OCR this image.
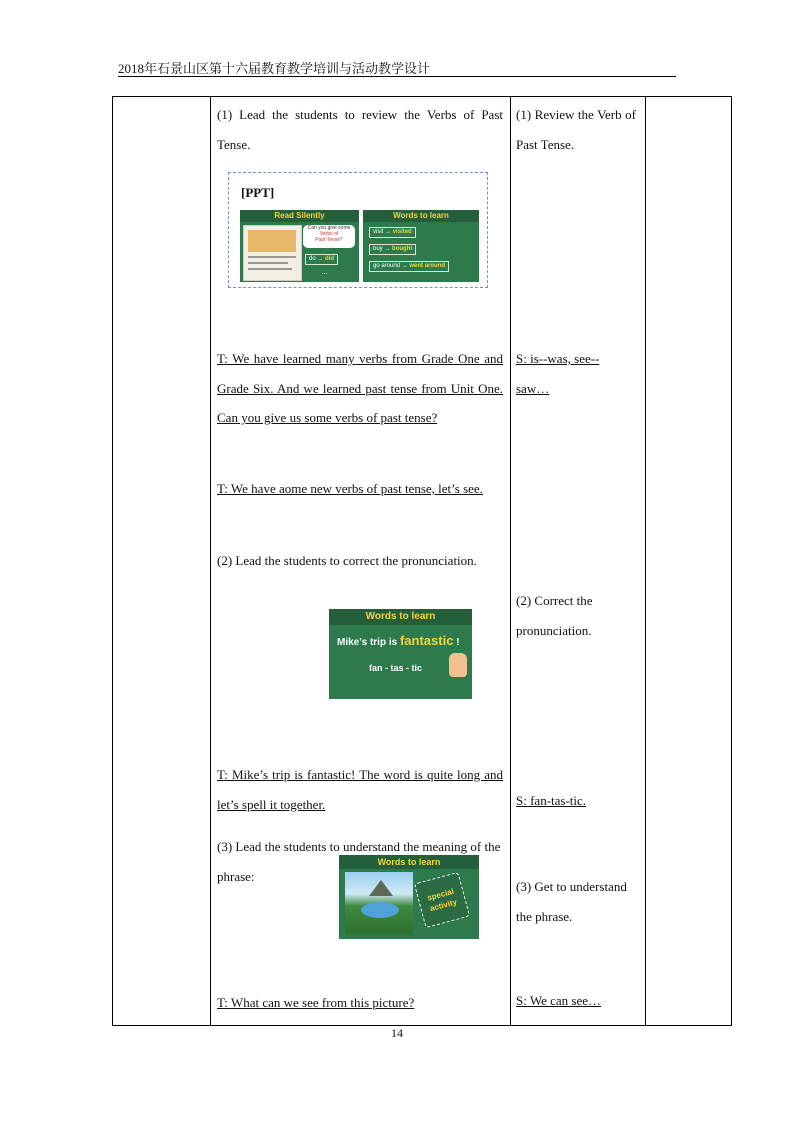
2018年石景山区第十六届教育教学培训与活动教学设计
(1) Lead the students to review the Verbs of Past Tense.
[PPT]
Read Silently
Can you give some
Verbs of
Past Tense?
do → did
...
Words to learn
visit → visited
buy → bought
go around → went around
T: We have learned many verbs from Grade One and Grade Six. And we learned past tense from Unit One. Can you give us some verbs of past tense?
T: We have aome new verbs of past tense, let’s see.
(2) Lead the students to correct the pronunciation.
Words to learn
Mike's trip is fantastic !
fan - tas - tic
T: Mike’s trip is fantastic! The word is quite long and let’s spell it together.
(3) Lead the students to understand the meaning of the phrase:
Words to learn
special
activity
T: What can we see from this picture?
(1) Review the Verb of Past Tense.
S: is--was, see--saw…
(2) Correct the pronunciation.
S: fan-tas-tic.
(3) Get to understand the phrase.
S: We can see…
14
